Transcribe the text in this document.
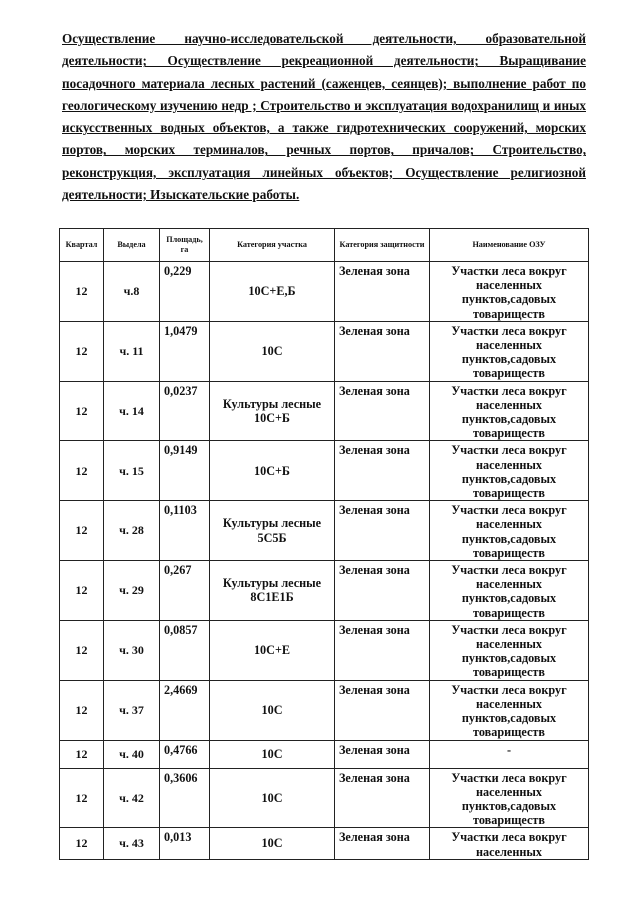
Осуществление научно-исследовательской деятельности, образовательной деятельности; Осуществление рекреационной деятельности; Выращивание посадочного материала лесных растений (саженцев, сеянцев); выполнение работ по геологическому изучению недр ; Строительство и эксплуатация водохранилищ и иных искусственных водных объектов, а также гидротехнических сооружений, морских портов, морских терминалов, речных портов, причалов; Строительство, реконструкция, эксплуатация линейных объектов; Осуществление религиозной деятельности; Изыскательские работы.
Квартал	Выдела	Площадь, га	Категория участка	Категория защитности	Наименование ОЗУ
12	ч.8	0,229	10С+Е,Б	Зеленая зона	Участки леса вокруг населенных пунктов,садовых товариществ
12	ч. 11	1,0479	10С	Зеленая зона	Участки леса вокруг населенных пунктов,садовых товариществ
12	ч. 14	0,0237	Культуры лесные 10С+Б	Зеленая зона	Участки леса вокруг населенных пунктов,садовых товариществ
12	ч. 15	0,9149	10С+Б	Зеленая зона	Участки леса вокруг населенных пунктов,садовых товариществ
12	ч. 28	0,1103	Культуры лесные 5С5Б	Зеленая зона	Участки леса вокруг населенных пунктов,садовых товариществ
12	ч. 29	0,267	Культуры лесные 8С1Е1Б	Зеленая зона	Участки леса вокруг населенных пунктов,садовых товариществ
12	ч. 30	0,0857	10С+Е	Зеленая зона	Участки леса вокруг населенных пунктов,садовых товариществ
12	ч. 37	2,4669	10С	Зеленая зона	Участки леса вокруг населенных пунктов,садовых товариществ
12	ч. 40	0,4766	10С	Зеленая зона	-
12	ч. 42	0,3606	10С	Зеленая зона	Участки леса вокруг населенных пунктов,садовых товариществ
12	ч. 43	0,013	10С	Зеленая зона	Участки леса вокруг населенных
